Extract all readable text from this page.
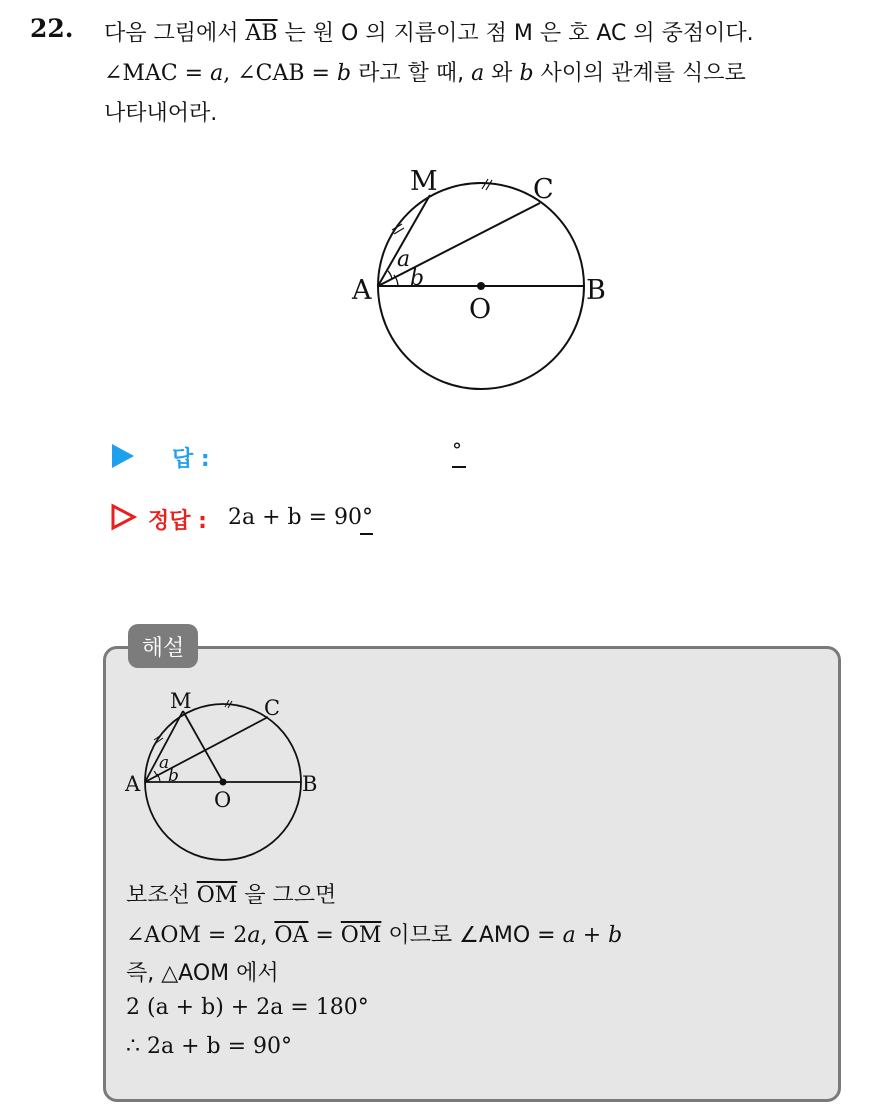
22. 다음 그림에서 $\overline{AB}$ 는 원 O 의 지름이고 점 M 은 호 AC 의 중점이다.
∠MAC = a, ∠CAB = b 라고 할 때, a 와 b 사이의 관계를 식으로
나타내어라.
M	C
A	B
O
a
b
답 :	°
정답 : 2a + b = 90°
해설
M	C
A	B
O
a
b
보조선 $\overline{OM}$ 을 그으면
∠AOM = 2a, $\overline{OA} = \overline{OM}$ 이므로 ∠AMO = a + b
즉, △AOM 에서
2 (a + b) + 2a = 180°
∴ 2a + b = 90°
